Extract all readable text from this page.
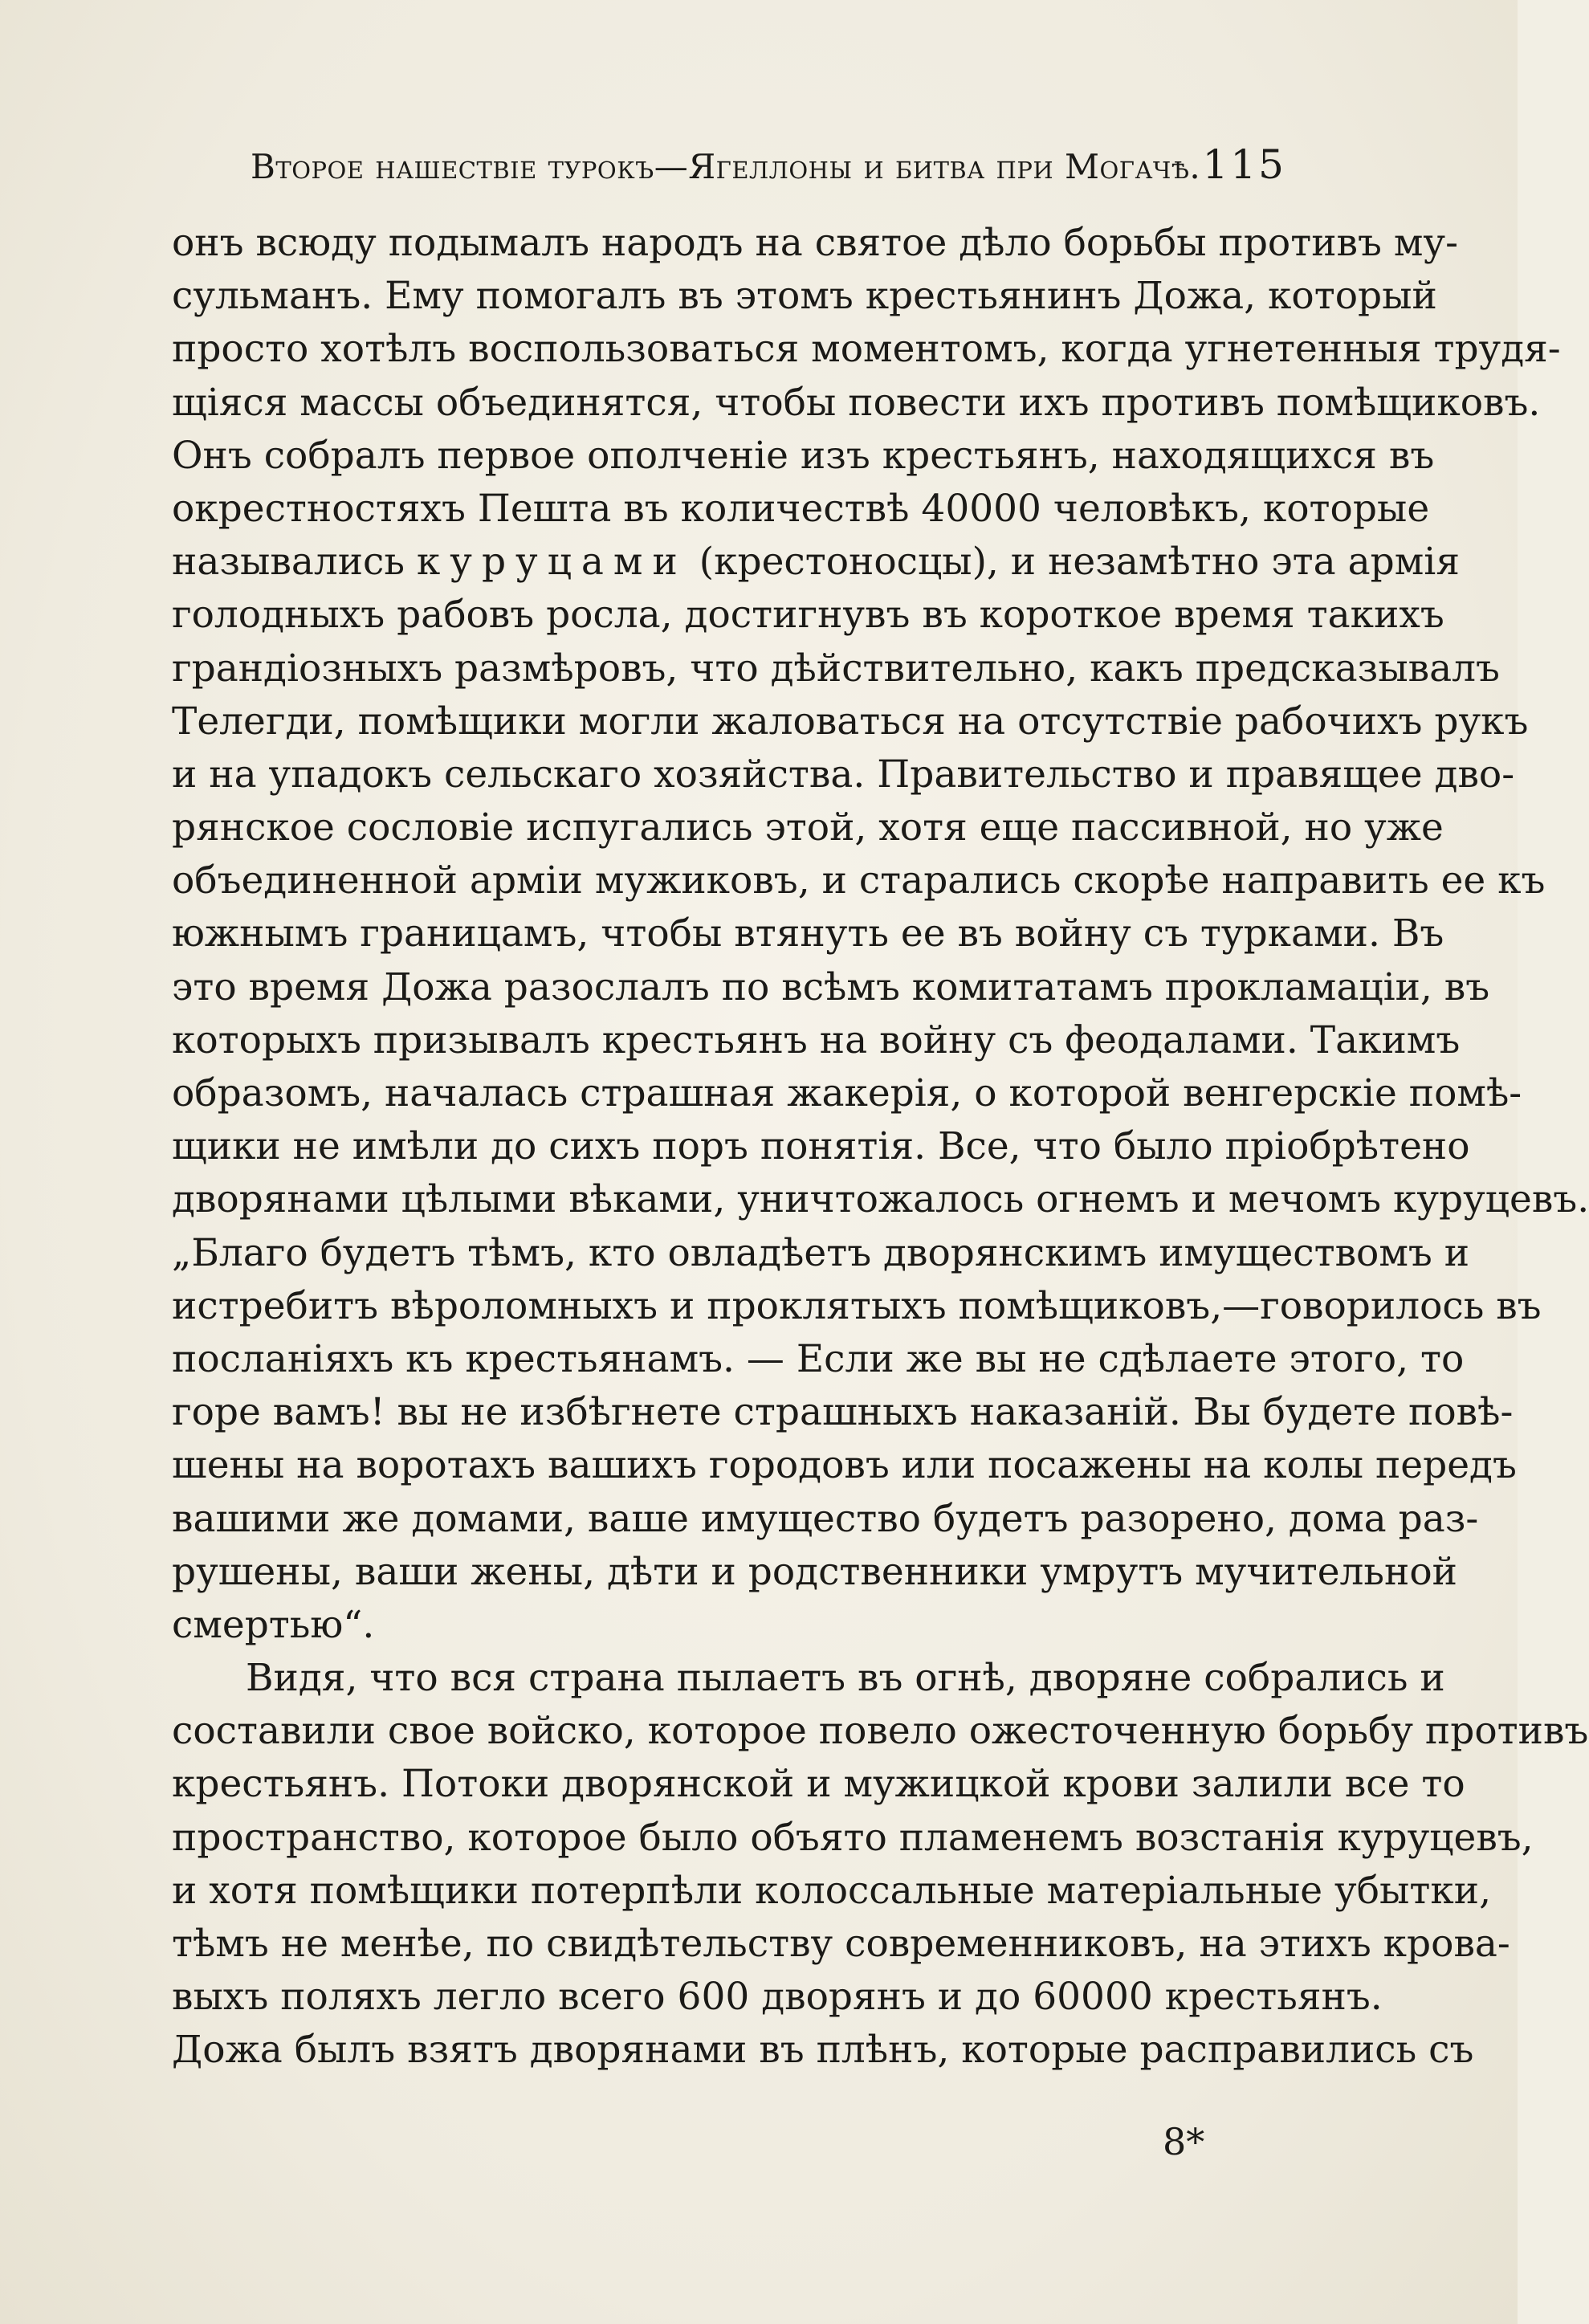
Второе нашествіе турокъ—Ягеллоны и битва при Могачѣ. 115
онъ всюду подымалъ народъ на святое дѣло борьбы противъ му-
сульманъ. Ему помогалъ въ этомъ крестьянинъ Дожа, который
просто хотѣлъ воспользоваться моментомъ, когда угнетенныя трудя-
щіяся массы объединятся, чтобы повести ихъ противъ помѣщиковъ.
Онъ собралъ первое ополченіе изъ крестьянъ, находящихся въ
окрестностяхъ Пешта въ количествѣ 40000 человѣкъ, которые
назывались куруцами (крестоносцы), и незамѣтно эта армія
голодныхъ рабовъ росла, достигнувъ въ короткое время такихъ
грандіозныхъ размѣровъ, что дѣйствительно, какъ предсказывалъ
Телегди, помѣщики могли жаловаться на отсутствіе рабочихъ рукъ
и на упадокъ сельскаго хозяйства. Правительство и правящее дво-
рянское сословіе испугались этой, хотя еще пассивной, но уже
объединенной арміи мужиковъ, и старались скорѣе направить ее къ
южнымъ границамъ, чтобы втянуть ее въ войну съ турками. Въ
это время Дожа разослалъ по всѣмъ комитатамъ прокламаціи, въ
которыхъ призывалъ крестьянъ на войну съ феодалами. Такимъ
образомъ, началась страшная жакерія, о которой венгерскіе помѣ-
щики не имѣли до сихъ поръ понятія. Все, что было пріобрѣтено
дворянами цѣлыми вѣками, уничтожалось огнемъ и мечомъ куруцевъ.
„Благо будетъ тѣмъ, кто овладѣетъ дворянскимъ имуществомъ и
истребитъ вѣроломныхъ и проклятыхъ помѣщиковъ,—говорилось въ
посланіяхъ къ крестьянамъ. — Если же вы не сдѣлаете этого, то
горе вамъ! вы не избѣгнете страшныхъ наказаній. Вы будете повѣ-
шены на воротахъ вашихъ городовъ или посажены на колы передъ
вашими же домами, ваше имущество будетъ разорено, дома раз-
рушены, ваши жены, дѣти и родственники умрутъ мучительной
смертью“.
Видя, что вся страна пылаетъ въ огнѣ, дворяне собрались и
составили свое войско, которое повело ожесточенную борьбу противъ
крестьянъ. Потоки дворянской и мужицкой крови залили все то
пространство, которое было объято пламенемъ возстанія куруцевъ,
и хотя помѣщики потерпѣли колоссальные матеріальные убытки,
тѣмъ не менѣе, по свидѣтельству современниковъ, на этихъ крова-
выхъ поляхъ легло всего 600 дворянъ и до 60000 крестьянъ.
Дожа былъ взятъ дворянами въ плѣнъ, которые расправились съ
8*
